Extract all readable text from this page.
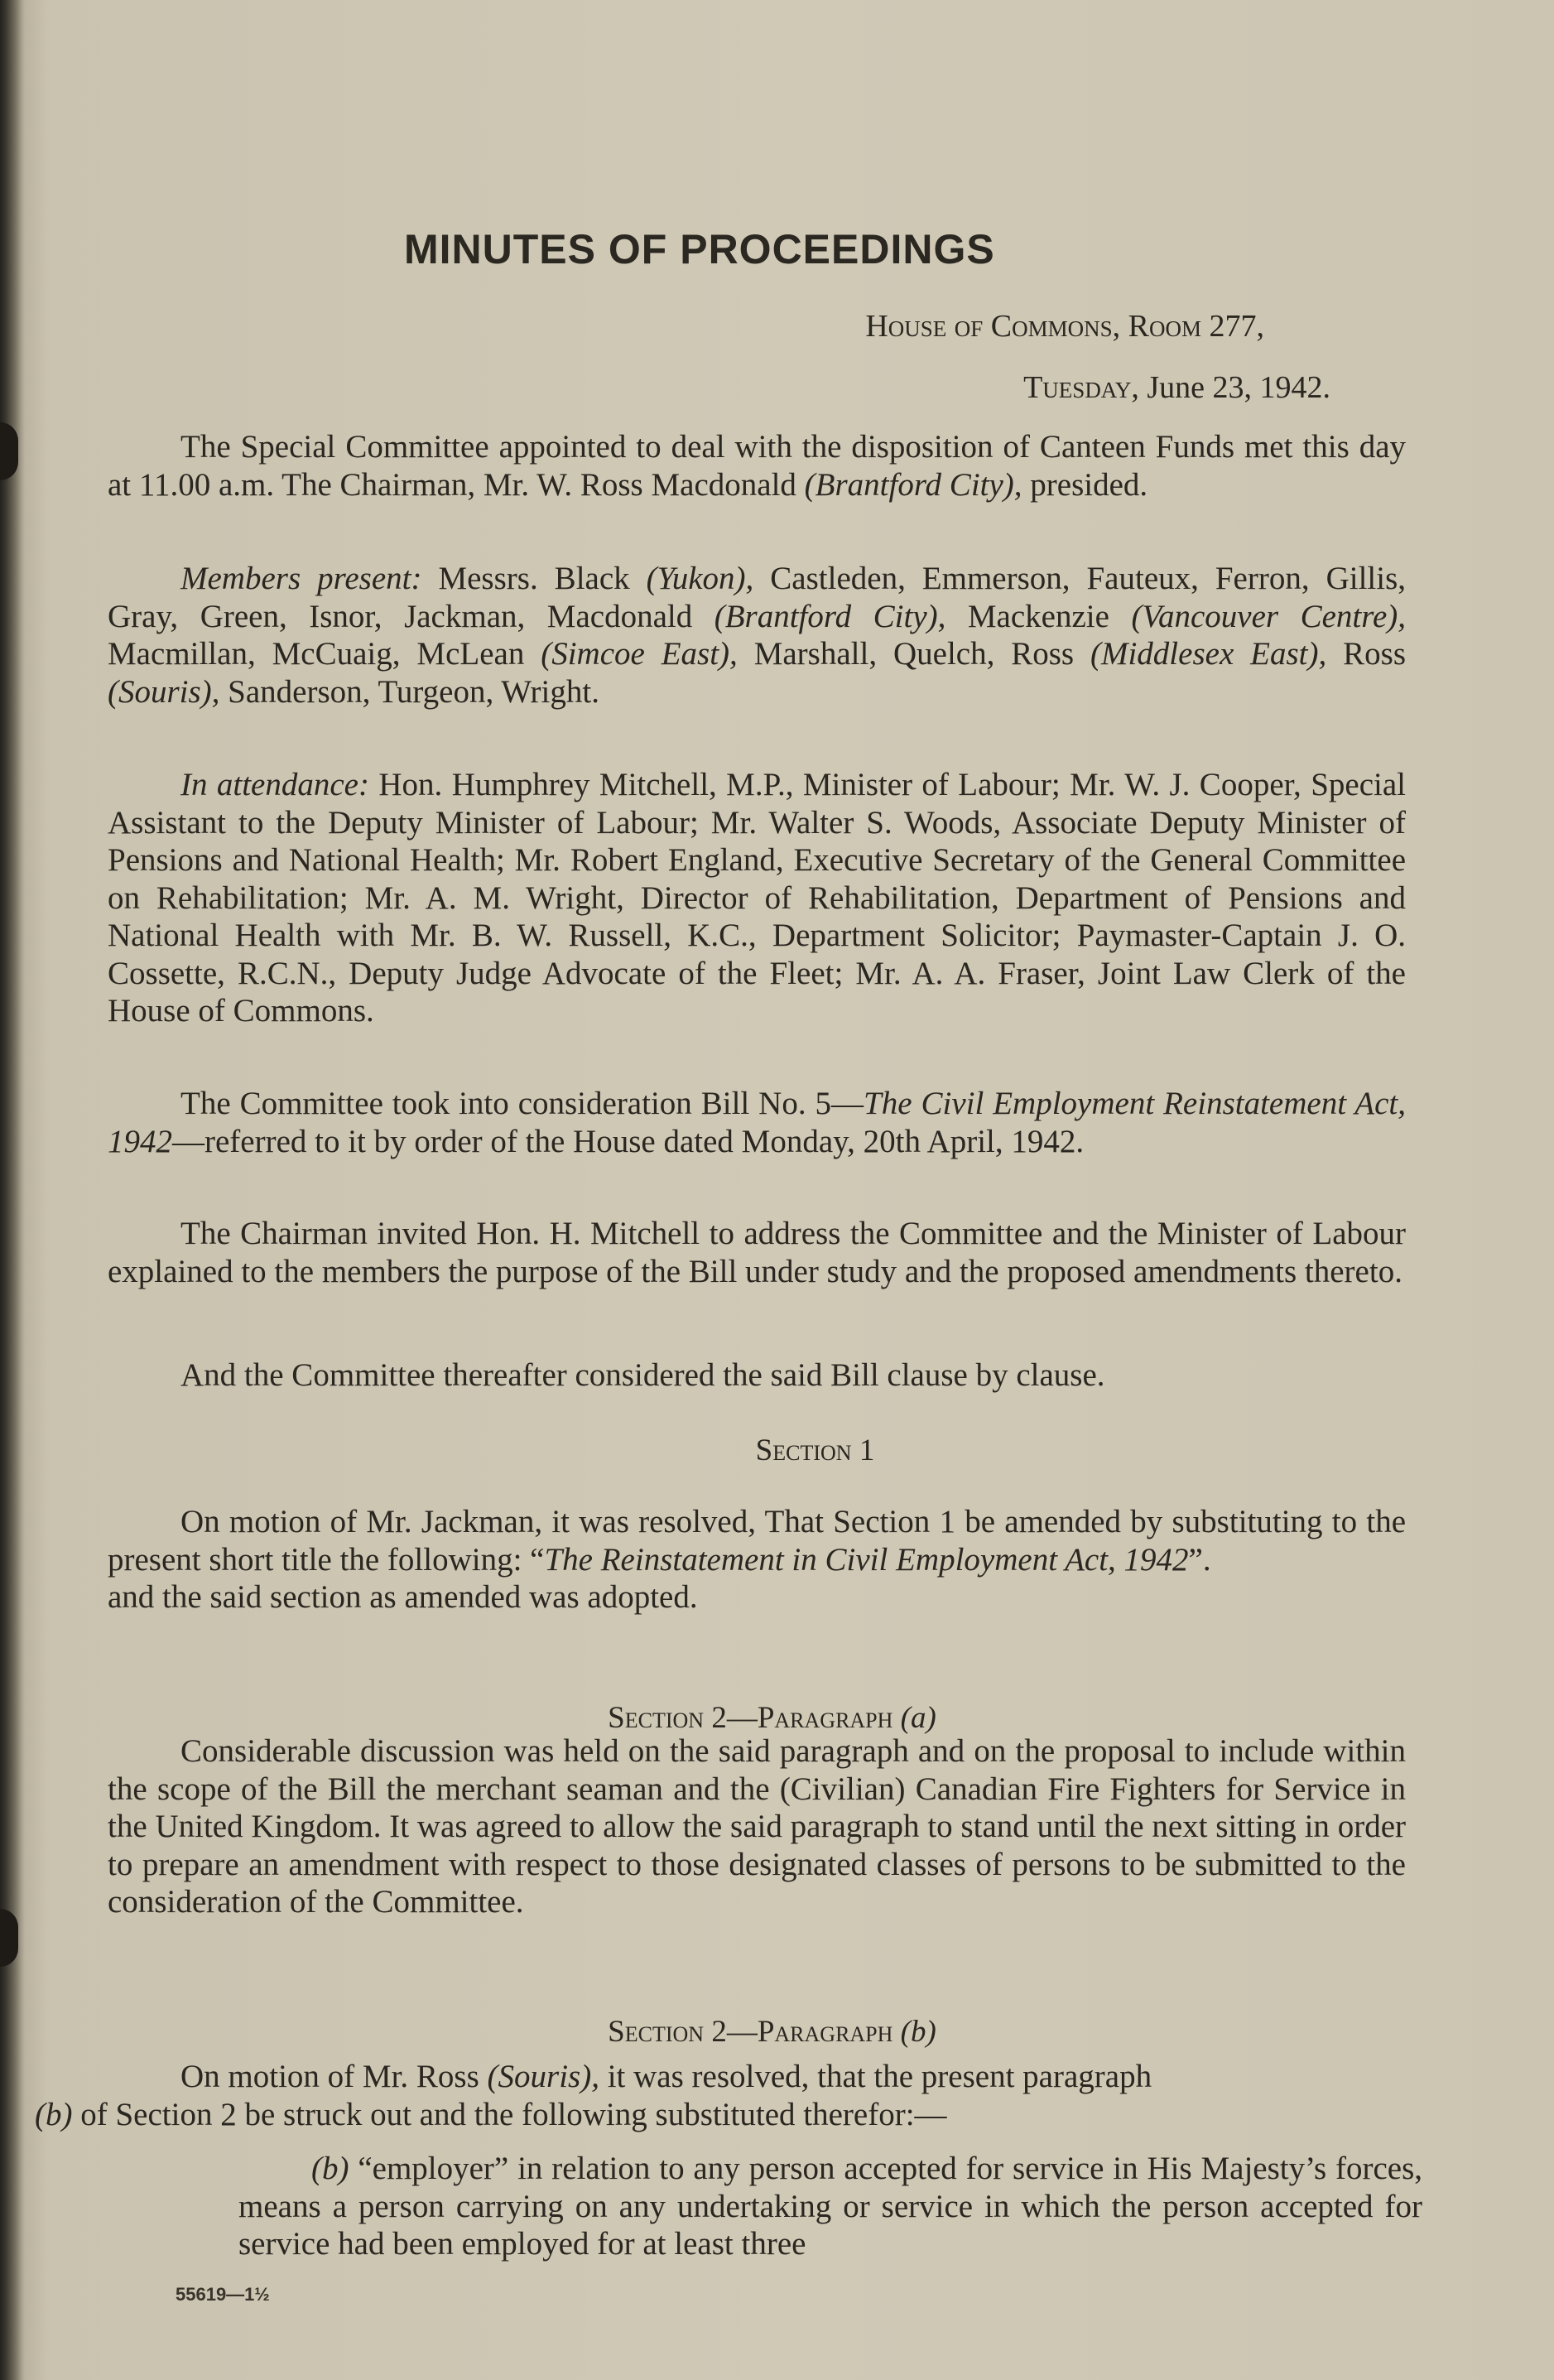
MINUTES OF PROCEEDINGS
House of Commons, Room 277,
Tuesday, June 23, 1942.

The Special Committee appointed to deal with the disposition of Canteen Funds met this day at 11.00 a.m. The Chairman, Mr. W. Ross Macdonald (Brantford City), presided.

Members present: Messrs. Black (Yukon), Castleden, Emmerson, Fauteux, Ferron, Gillis, Gray, Green, Isnor, Jackman, Macdonald (Brantford City), Mackenzie (Vancouver Centre), Macmillan, McCuaig, McLean (Simcoe East), Marshall, Quelch, Ross (Middlesex East), Ross (Souris), Sanderson, Turgeon, Wright.

In attendance: Hon. Humphrey Mitchell, M.P., Minister of Labour; Mr. W. J. Cooper, Special Assistant to the Deputy Minister of Labour; Mr. Walter S. Woods, Associate Deputy Minister of Pensions and National Health; Mr. Robert England, Executive Secretary of the General Committee on Rehabilitation; Mr. A. M. Wright, Director of Rehabilitation, Department of Pensions and National Health with Mr. B. W. Russell, K.C., Department Solicitor; Paymaster-Captain J. O. Cossette, R.C.N., Deputy Judge Advocate of the Fleet; Mr. A. A. Fraser, Joint Law Clerk of the House of Commons.

The Committee took into consideration Bill No. 5—The Civil Employment Reinstatement Act, 1942—referred to it by order of the House dated Monday, 20th April, 1942.

The Chairman invited Hon. H. Mitchell to address the Committee and the Minister of Labour explained to the members the purpose of the Bill under study and the proposed amendments thereto.

And the Committee thereafter considered the said Bill clause by clause.

Section 1

On motion of Mr. Jackman, it was resolved, That Section 1 be amended by substituting to the present short title the following: “The Reinstatement in Civil Employment Act, 1942”.
and the said section as amended was adopted.

Section 2—Paragraph (a)

Considerable discussion was held on the said paragraph and on the proposal to include within the scope of the Bill the merchant seaman and the (Civilian) Canadian Fire Fighters for Service in the United Kingdom. It was agreed to allow the said paragraph to stand until the next sitting in order to prepare an amendment with respect to those designated classes of persons to be submitted to the consideration of the Committee.

Section 2—Paragraph (b)

On motion of Mr. Ross (Souris), it was resolved, that the present paragraph
(b) of Section 2 be struck out and the following substituted therefor:—

(b) “employer” in relation to any person accepted for service in His Majesty’s forces, means a person carrying on any undertaking or service in which the person accepted for service had been employed for at least three

55619—1½
